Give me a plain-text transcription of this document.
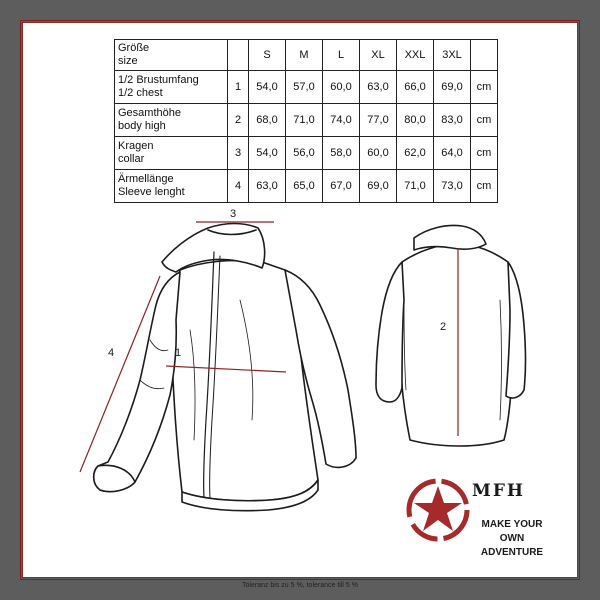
Größe
size		S	M	L	XL	XXL	3XL	
1/2 Brustumfang
1/2 chest	1	54,0	57,0	60,0	63,0	66,0	69,0	cm
Gesamthöhe
body high	2	68,0	71,0	74,0	77,0	80,0	83,0	cm
Kragen
collar	3	54,0	56,0	58,0	60,0	62,0	64,0	cm
Ärmellänge
Sleeve lenght	4	63,0	65,0	67,0	69,0	71,0	73,0	cm
3
1
2
4
MFH
MAKE YOUR OWN
ADVENTURE
Toleranz bis zu 5 %, tolerance till 5 %
